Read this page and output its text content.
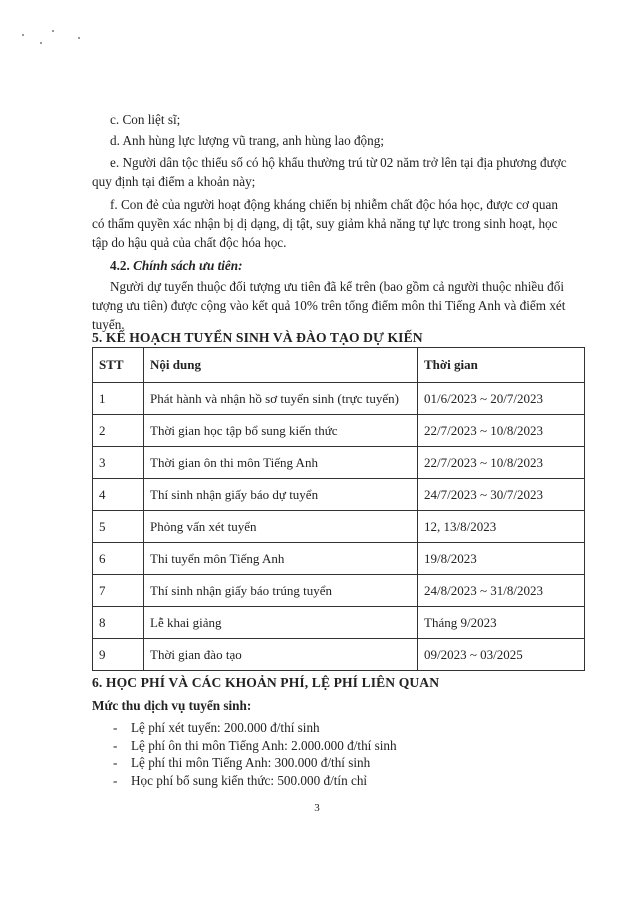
c. Con liệt sĩ;

d. Anh hùng lực lượng vũ trang, anh hùng lao động;

e. Người dân tộc thiểu số có hộ khẩu thường trú từ 02 năm trở lên tại địa phương được

quy định tại điểm a khoản này;

f. Con đẻ của người hoạt động kháng chiến bị nhiễm chất độc hóa học, được cơ quan

có thẩm quyền xác nhận bị dị dạng, dị tật, suy giảm khả năng tự lực trong sinh hoạt, học

tập do hậu quả của chất độc hóa học.

4.2. Chính sách ưu tiên:

Người dự tuyển thuộc đối tượng ưu tiên đã kể trên (bao gồm cả người thuộc nhiều đối

tượng ưu tiên) được cộng vào kết quả 10% trên tổng điểm môn thi Tiếng Anh và điểm xét

tuyển.

5. KẾ HOẠCH TUYỂN SINH VÀ ĐÀO TẠO DỰ KIẾN
STT	Nội dung	Thời gian
1	Phát hành và nhận hồ sơ tuyển sinh (trực tuyến)	01/6/2023 ~ 20/7/2023
2	Thời gian học tập bổ sung kiến thức	22/7/2023 ~ 10/8/2023
3	Thời gian ôn thi môn Tiếng Anh	22/7/2023 ~ 10/8/2023
4	Thí sinh nhận giấy báo dự tuyển	24/7/2023 ~ 30/7/2023
5	Phỏng vấn xét tuyển	12, 13/8/2023
6	Thi tuyển môn Tiếng Anh	19/8/2023
7	Thí sinh nhận giấy báo trúng tuyển	24/8/2023 ~ 31/8/2023
8	Lễ khai giảng	Tháng 9/2023
9	Thời gian đào tạo	09/2023 ~ 03/2025
6. HỌC PHÍ VÀ CÁC KHOẢN PHÍ, LỆ PHÍ LIÊN QUAN
Mức thu dịch vụ tuyển sinh:
- Lệ phí xét tuyển: 200.000 đ/thí sinh
- Lệ phí ôn thi môn Tiếng Anh: 2.000.000 đ/thí sinh
- Lệ phí thi môn Tiếng Anh: 300.000 đ/thí sinh
- Học phí bổ sung kiến thức: 500.000 đ/tín chỉ
3
